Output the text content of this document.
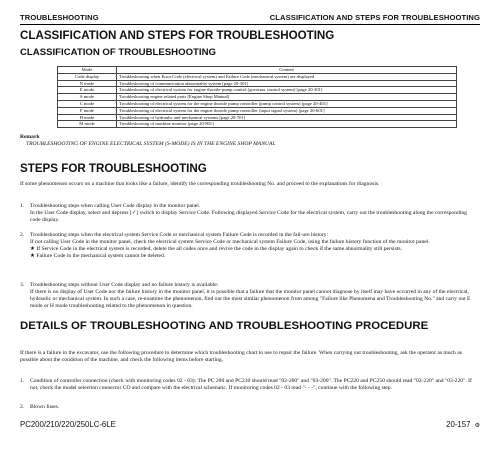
TROUBLESHOOTING	CLASSIFICATION AND STEPS FOR TROUBLESHOOTING
CLASSIFICATION AND STEPS FOR TROUBLESHOOTING
CLASSIFICATION OF TROUBLESHOOTING
Mode	Content
Code display	Troubleshooting when Error Code (electrical system) and Failure Code (mechanical system) are displayed
N mode	Troubleshooting of communication abnormality system [page 20-301]
E mode	Troubleshooting of electrical system for engine throttle-pump control (governor control system) [page 20-301]
S mode	Troubleshooting engine related parts [Engine Shop Manual]
C mode	Troubleshooting of electrical system for the engine throttle pump controller (pump control system) [page 20-401]
F mode	Troubleshooting of electrical system for the engine throttle pump controller (input signal system) [page 20-601]
H mode	Troubleshooting of hydraulic and mechanical systems [page 20-701]
M mode	Troubleshooting of machine monitor [page 20-801]
Remark
TROUBLESHOOTING OF ENGINE ELECTRICAL SYSTEM (S-MODE) IS IN THE ENGINE SHOP MANUAL
STEPS FOR TROUBLESHOOTING

If some phenomenon occurs on a machine that looks like a failure, identify the corresponding troubleshooting No. and proceed to the explanations for diagnosis.

1. Troubleshooting steps when calling User Code display in the monitor panel.
In the User Code display, select and depress [✓] switch to display Service Code. Following displayed Service Code for the electrical system, carry out the troubleshooting along the corresponding code display.
2. Troubleshooting steps when the electrical system Service Code or mechanical system Failure Code is recorded in the fail-ure history:
If not calling User Code in the monitor panel, check the electrical system Service Code or mechanical system Failure Code, using the failure history function of the monitor panel.
★ If Service Code in the electrical system is recorded, delete the all codes once and revive the code in the display again to check if the same abnormality still persists.
★ Failure Code in the mechanical system cannot be deleted.
3. Troubleshooting steps without User Code display and no failure history is available:
If there is no display of User Code nor the failure history in the monitor panel, it is possible that a failure that the monitor panel cannot diagnose by itself may have occurred in any of the electrical, hydraulic or mechanical system. In such a case, re-examine the phenomenon, find out the most similar phenomenon from among "Failure like Phenomena and Troubleshooting No." and carry out E mode or H mode troubleshooting related to the phenomenon in question.
DETAILS OF TROUBLESHOOTING AND TROUBLESHOOTING PROCEDURE

If there is a failure in the excavator, use the following procedure to determine which troubleshooting chart to use to repair the failure. When carrying out troubleshooting, ask the operator as much as possible about the condition of the machine, and check the following items before starting.

1. Condition of controller connection (check with monitoring codes 02 - 03): The PC 200 and PC210 should read "02-200" and "03-200". The PC220 and PC250 should read "02-220" and "03-220". If not, check the model selection connector CO and compare with the electrical schematic. If monitoring codes 02 - 03 read "- - -", continue with the following step.
2. Blown fuses.
PC200/210/220/250LC-6LE	20-157 ⚙
